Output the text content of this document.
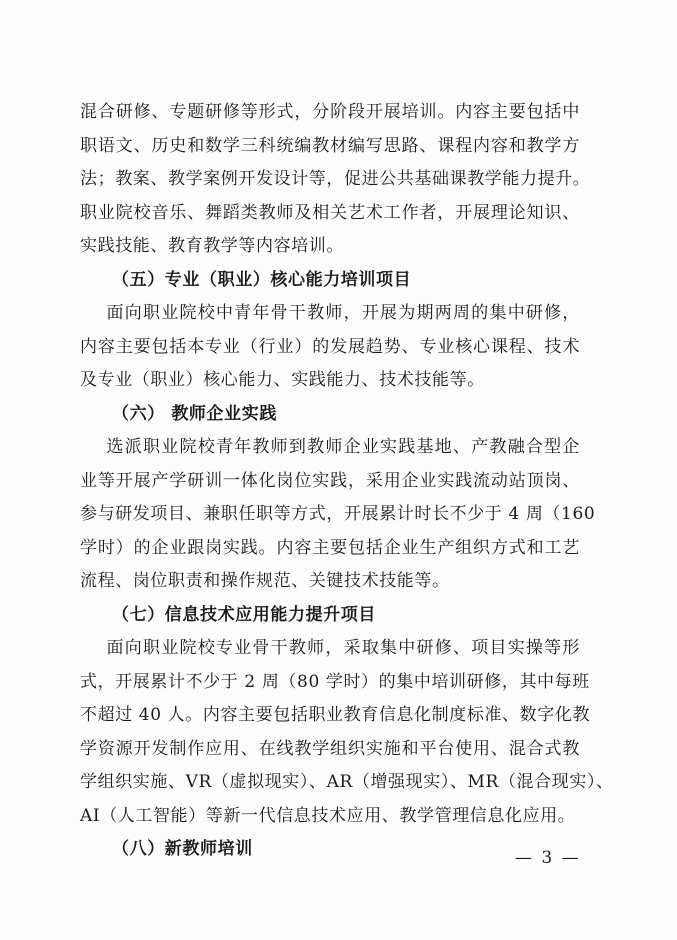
混合研修、专题研修等形式，分阶段开展培训。内容主要包括中
职语文、历史和数学三科统编教材编写思路、课程内容和教学方
法；教案、教学案例开发设计等，促进公共基础课教学能力提升。
职业院校音乐、舞蹈类教师及相关艺术工作者，开展理论知识、
实践技能、教育教学等内容培训。
（五）专业（职业）核心能力培训项目
面向职业院校中青年骨干教师，开展为期两周的集中研修，
内容主要包括本专业（行业）的发展趋势、专业核心课程、技术
及专业（职业）核心能力、实践能力、技术技能等。
（六） 教师企业实践
选派职业院校青年教师到教师企业实践基地、产教融合型企
业等开展产学研训一体化岗位实践，采用企业实践流动站顶岗、
参与研发项目、兼职任职等方式，开展累计时长不少于 4 周（160
学时）的企业跟岗实践。内容主要包括企业生产组织方式和工艺
流程、岗位职责和操作规范、关键技术技能等。
（七）信息技术应用能力提升项目
面向职业院校专业骨干教师，采取集中研修、项目实操等形
式，开展累计不少于 2 周（80 学时）的集中培训研修，其中每班
不超过 40 人。内容主要包括职业教育信息化制度标准、数字化教
学资源开发制作应用、在线教学组织实施和平台使用、混合式教
学组织实施、VR（虚拟现实）、AR（增强现实）、MR（混合现实）、
AI（人工智能）等新一代信息技术应用、教学管理信息化应用。
（八）新教师培训	— 3 —
